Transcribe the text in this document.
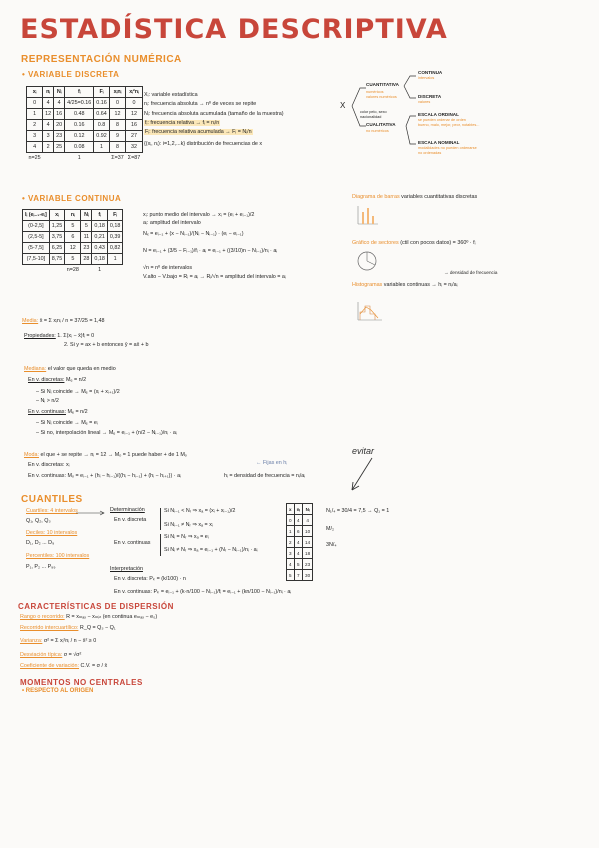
ESTADÍSTICA DESCRIPTIVA
REPRESENTACIÓN NUMÉRICA
• VARIABLE DISCRETA
xᵢ	nᵢ	Nᵢ	fᵢ	Fᵢ	xᵢnᵢ	xᵢ²nᵢ
0	4	4	4/25=0.16	0.16	0	0
1	12	16	0.48	0.64	12	12
2	4	20	0.16	0.8	8	16
3	3	23	0.12	0.92	9	27
4	2	25	0.08	1	8	32
n=25			1		Σ=37	Σ=87
Xᵢ: variable estadística
nᵢ: frecuencia absoluta → nº de veces se repite
Nᵢ: frecuencia absoluta acumulada (tamaño de la muestra)
fᵢ: frecuencia relativa → fᵢ = nᵢ/n
Fᵢ: frecuencia relativa acumulada → Fᵢ = Nᵢ/n
{(xᵢ, nᵢ): i=1,2,...k} distribución de frecuencias de x
X
CUANTITATIVA
numéricos
valores numéricos
CONTINUA
intervalos
DISCRETA
valores
color pelo, sexo
nacionalidad
CUALITATIVA
no numéricos
ESCALA ORDINAL
se pueden ordenar de orden
bueno, malo, mejor, peor, notables...
ESCALA NOMINAL
modalidades no pueden ordenarse
no ordenadas
• VARIABLE CONTINUA
Iᵢ (eᵢ₋₁-eᵢ]	xᵢ	nᵢ	Nᵢ	fᵢ	Fᵢ
(0-2,5]	1,25	5	5	0,18	0,18
(2,5-5]	3,75	6	11	0,21	0,39
(5-7,5]	6,25	12	23	0,43	0,82
(7,5-10]	8,75	5	28	0,18	1
		n=28		1	
xᵢ: punto medio del intervalo → xᵢ = (eᵢ + eᵢ₋₁)/2
aᵢ: amplitud del intervalo
Nₓ = eᵢ₋₁ + (x − Nᵢ₋₁)/(Nᵢ − Nᵢ₋₁) · (eᵢ − eᵢ₋₁)
N = eᵢ₋₁ + (3/5 − Fᵢ₋₁)/fᵢ · aᵢ = eᵢ₋₁ + ((3/10)n − Nᵢ₋₁)/nᵢ · aᵢ
√n = nº de intervalos
V.alto − V.bajo = Rᵢ = aᵢ → Rᵢ/√n = amplitud del intervalo = aᵢ
Diagrama de barras variables cuantitativas discretas
Gráfico de sectores (ctil con pocos datos) = 360º · fᵢ
→ densidad de frecuencia
Histogramas variables continuas → hᵢ = nᵢ/aᵢ
Media: x̄ = Σ xᵢnᵢ / n = 37/25 = 1,48
Propiedades: 1. Σ(xᵢ − x̄)fᵢ = 0
2. Si y = ax + b entonces ȳ = ax̄ + b
Mediana: el valor que queda en medio
En v. discretas: Mₑ = n/2
– Si Nᵢ coincide → Mₑ = (xᵢ + xᵢ₊₁)/2
– Nᵢ > n/2
En v. continuas: Mₑ = n/2
– Si Nᵢ coincide → Mₑ = eᵢ
– Si no, interpolación lineal → Mₑ = eᵢ₋₁ + (n/2 − Nᵢ₋₁)/nᵢ · aᵢ
Moda: el que + se repite → nᵢ = 12 → Mₒ = 1 puede haber + de 1 Mₒ
En v. discretas: xᵢ
En v. continuas: Mₒ = eᵢ₋₁ + (hᵢ − hᵢ₋₁)/((hᵢ − hᵢ₋₁) + (hᵢ − hᵢ₊₁)) · aᵢ	hᵢ = densidad de frecuencia = nᵢ/aᵢ
← Fijas en hᵢ
evitar
CUANTILES
Cuartiles: 4 intervalos
Q₁, Q₂, Q₃
Deciles: 10 intervalos
D₁, D₂ ... D₉
Percentiles: 100 intervalos
P₁, P₂ ... P₉₉
Determinación
En v. discreta
Si Nᵢ₋₁ < Nᵣ ⇒ xₐ = (xᵢ + xᵢ₋₁)/2
Si Nᵢ₋₁ ≠ Nᵣ ⇒ xₐ = xᵢ
En v. continuas
Si Nᵢ = Nᵣ ⇒ xₐ = eᵢ
Si Nᵢ ≠ Nᵣ ⇒ xₐ = eᵢ₋₁ + (Nᵣ − Nᵢ₋₁)/nᵢ · aᵢ
Interpretación
En v. discreta: Pₖ = (k/100) · n
En v. continuas: Pₖ = eᵢ₋₁ + (k·n/100 − Nᵢ₋₁)/fᵢ = eᵢ₋₁ + (kn/100 − Nᵢ₋₁)/nᵢ · aᵢ
x	nᵢ	Nᵢ
0	4	4
1	6	10
2	4	14
3	4	18
4	5	23
5	7	30
N₁/₄ = 30/4 = 7,5 → Q₁ = 1
M/₂
3N/₄
CARACTERÍSTICAS DE DISPERSIÓN
Rango o recorrido: R = xₘₐₓ − xₘᵢₙ (en continua eₘₐₓ − e₀)
Recorrido intercuartílico: R_Q = Q₃ − Q₁
Varianza: σ² = Σ xᵢ²nᵢ / n − x̄² ≥ 0
Desviación típica: σ = √σ²
Coeficiente de variación: C.V. = σ / x̄
MOMENTOS NO CENTRALES
• RESPECTO AL ORIGEN
